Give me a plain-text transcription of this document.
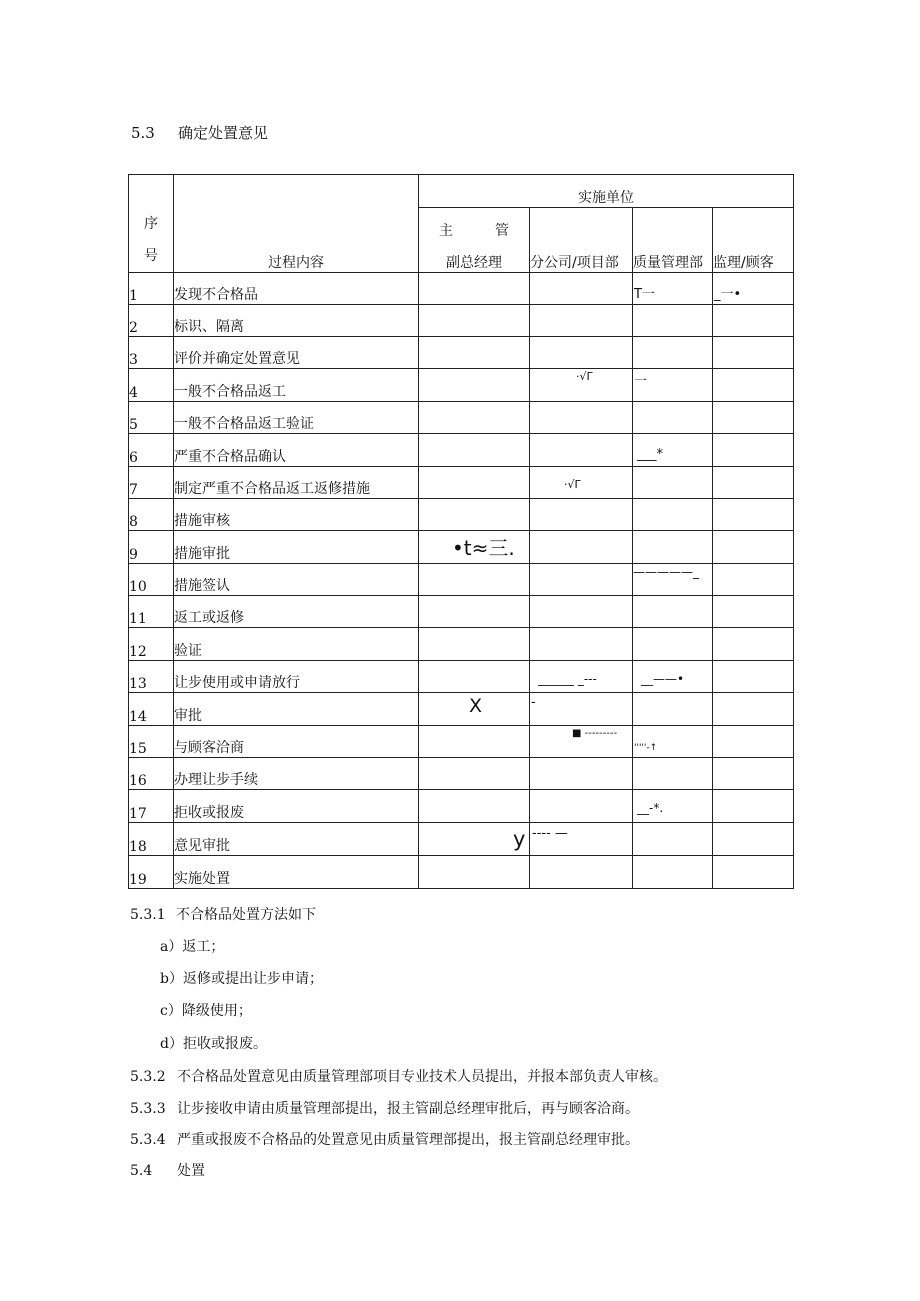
5.3 确定处置意见
序
号	过程内容	实施单位			

		主 管
副总经理	分公司/项目部	质量管理部	监理/顾客
1	发现不合格品			T一	_一•

2	标识、隔离				
3	评价并确定处置意见				
4	一般不合格品返工		·√Γ	一	

5	一般不合格品返工验证				
6	严重不合格品确认			___*	

7	制定严重不合格品返工返修措施		·√Γ		

8	措施审核				
9	措施审批	•t≈三.			

10	措施签认			—————_	

11	返工或返修				
12	验证				
13	让步使用或申请放行		______ _---	__——•	

14	审批	X	-		

15	与顾客洽商		■ ---------	'''''-↑	

16	办理让步手续				
17	拒收或报废			__-*.	

18	意见审批	y	---- —		

19	实施处置				
5.3.1 不合格品处置方法如下
a）返工；
b）返修或提出让步申请；
c）降级使用；
d）拒收或报废。
5.3.2 不合格品处置意见由质量管理部项目专业技术人员提出，并报本部负责人审核。
5.3.3 让步接收申请由质量管理部提出，报主管副总经理审批后，再与顾客洽商。
5.3.4 严重或报废不合格品的处置意见由质量管理部提出，报主管副总经理审批。
5.4 处置
